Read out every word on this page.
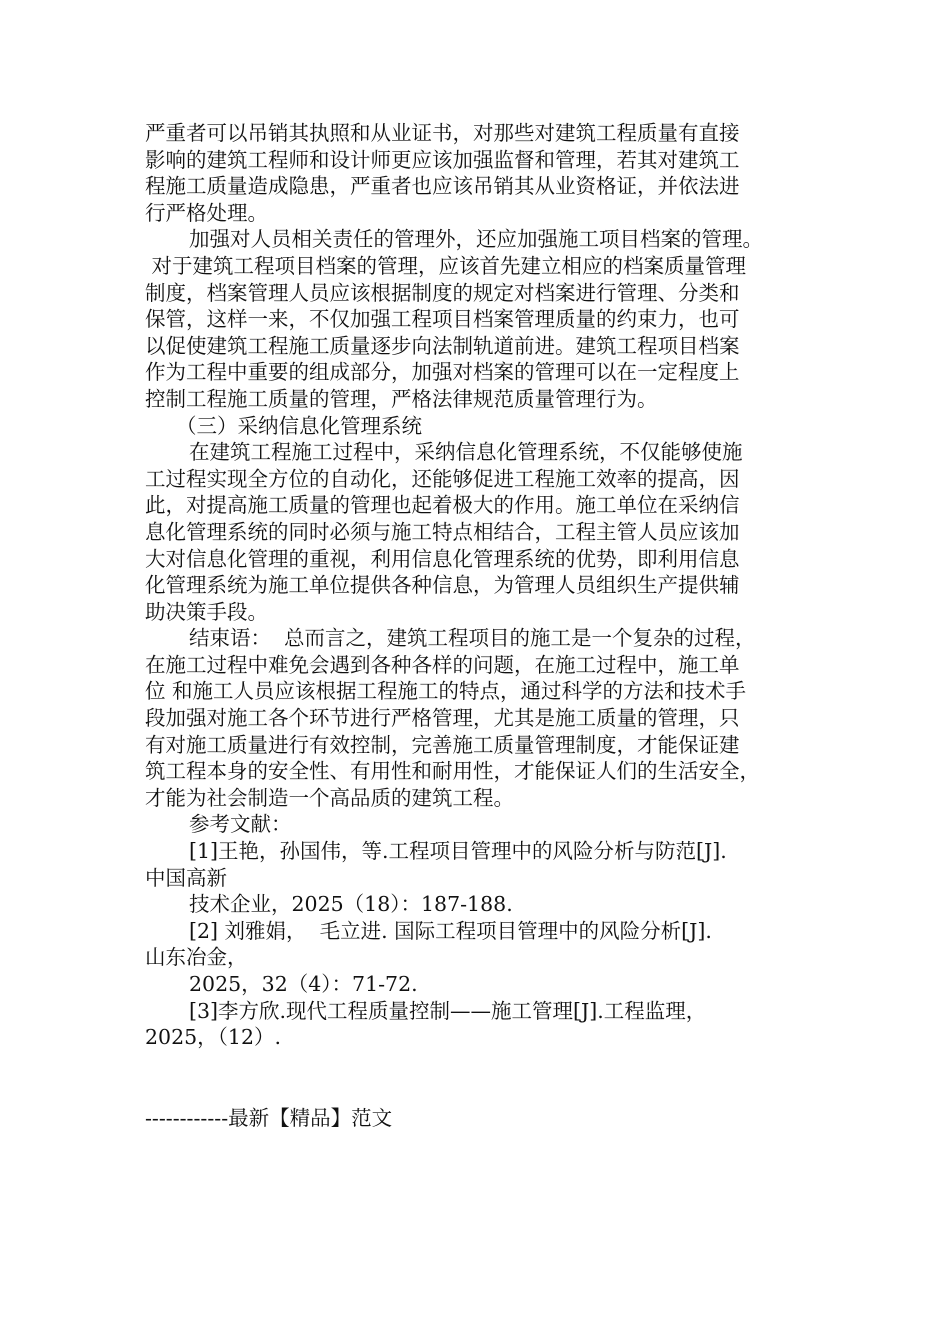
严重者可以吊销其执照和从业证书，对那些对建筑工程质量有直接
影响的建筑工程师和设计师更应该加强监督和管理，若其对建筑工
程施工质量造成隐患，严重者也应该吊销其从业资格证，并依法进
行严格处理。
加强对人员相关责任的管理外，还应加强施工项目档案的管理。
对于建筑工程项目档案的管理，应该首先建立相应的档案质量管理
制度，档案管理人员应该根据制度的规定对档案进行管理、分类和
保管，这样一来，不仅加强工程项目档案管理质量的约束力，也可
以促使建筑工程施工质量逐步向法制轨道前进。建筑工程项目档案
作为工程中重要的组成部分，加强对档案的管理可以在一定程度上
控制工程施工质量的管理，严格法律规范质量管理行为。
（三）采纳信息化管理系统
在建筑工程施工过程中，采纳信息化管理系统，不仅能够使施
工过程实现全方位的自动化，还能够促进工程施工效率的提高，因
此，对提高施工质量的管理也起着极大的作用。施工单位在采纳信
息化管理系统的同时必须与施工特点相结合，工程主管人员应该加
大对信息化管理的重视，利用信息化管理系统的优势，即利用信息
化管理系统为施工单位提供各种信息，为管理人员组织生产提供辅
助决策手段。
结束语：  总而言之，建筑工程项目的施工是一个复杂的过程，
在施工过程中难免会遇到各种各样的问题，在施工过程中，施工单
位 和施工人员应该根据工程施工的特点，通过科学的方法和技术手
段加强对施工各个环节进行严格管理，尤其是施工质量的管理，只
有对施工质量进行有效控制，完善施工质量管理制度，才能保证建
筑工程本身的安全性、有用性和耐用性，才能保证人们的生活安全，
才能为社会制造一个高品质的建筑工程。
参考文献：
[1]王艳，孙国伟，等.工程项目管理中的风险分析与防范[J].
中国高新
技术企业，2025（18）：187-188.
[2] 刘雅娟，  毛立进. 国际工程项目管理中的风险分析[J].
山东冶金，
2025，32（4）：71-72.
[3]李方欣.现代工程质量控制——施工管理[J].工程监理，
2025，（12）.
------------最新【精品】范文
